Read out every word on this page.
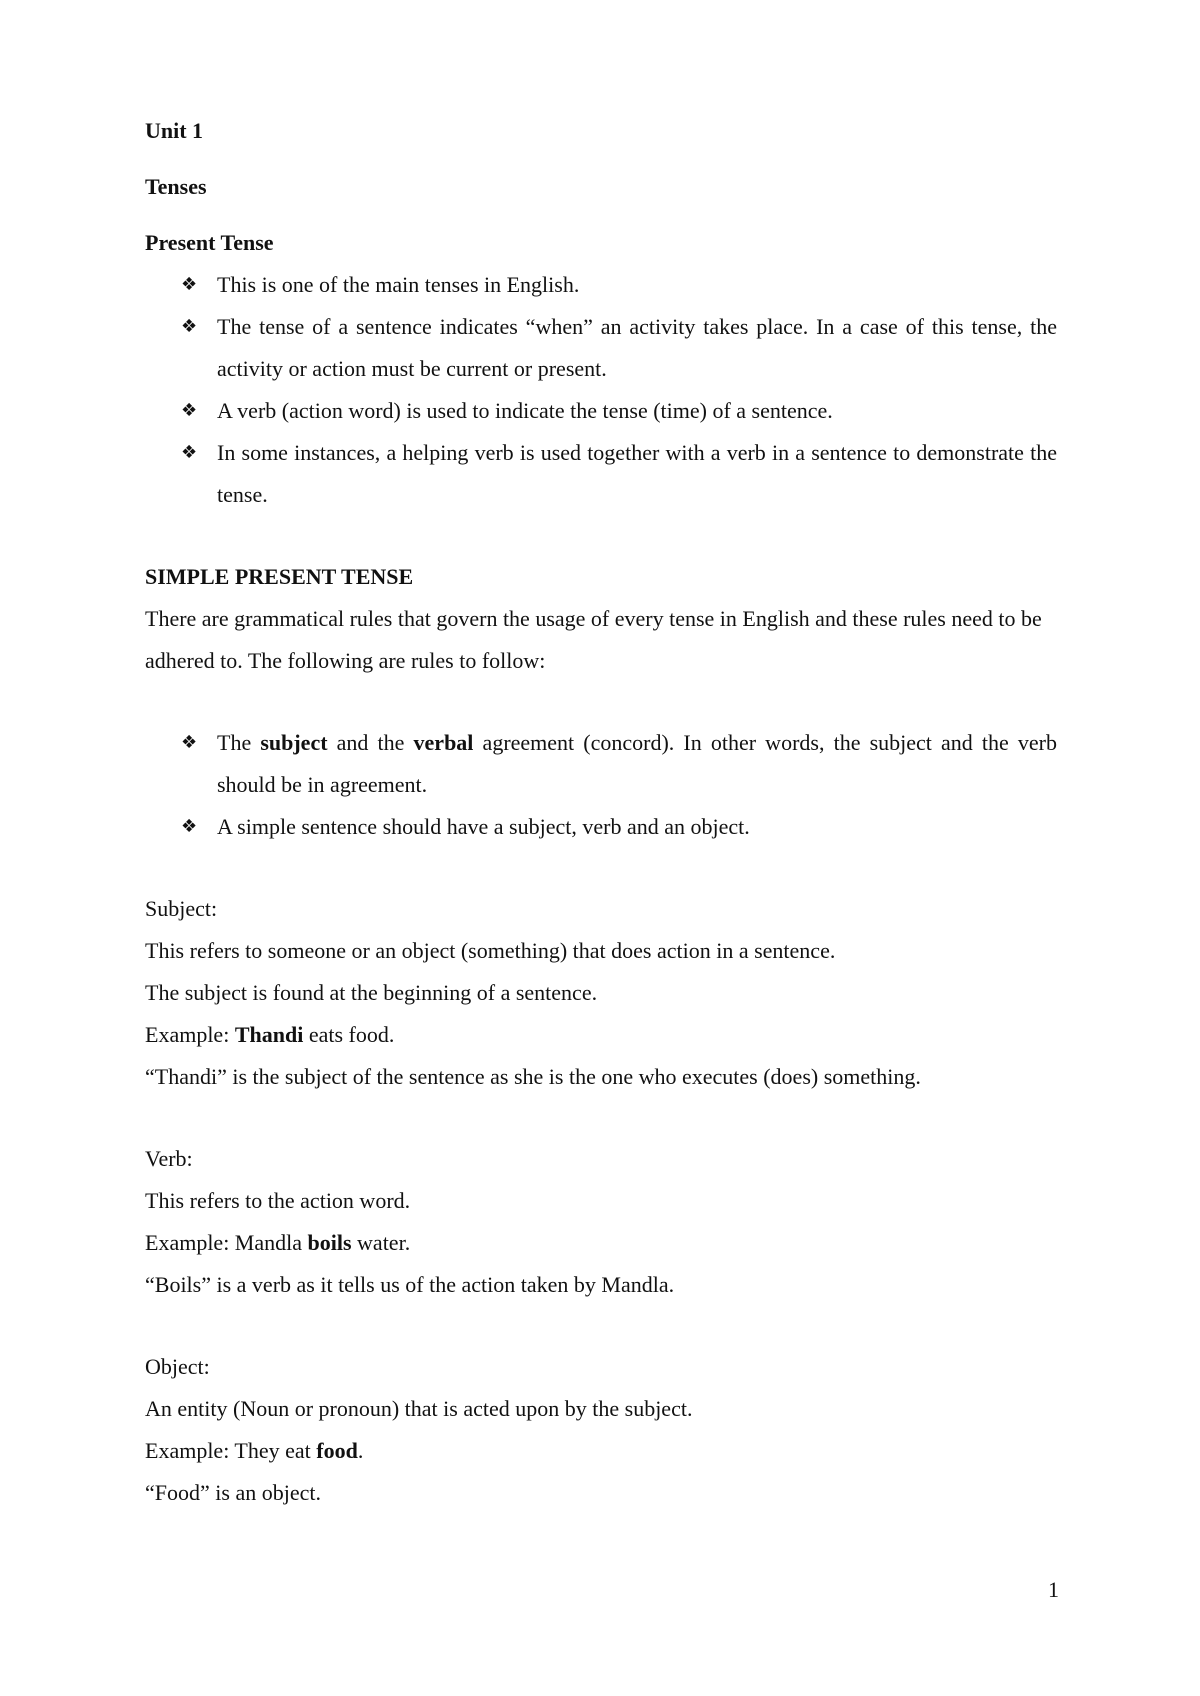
Unit 1

Tenses

Present Tense

❖ This is one of the main tenses in English.
❖ The tense of a sentence indicates “when” an activity takes place. In a case of this tense, the activity or action must be current or present.
❖ A verb (action word) is used to indicate the tense (time) of a sentence.
❖ In some instances, a helping verb is used together with a verb in a sentence to demonstrate the tense.

SIMPLE PRESENT TENSE

There are grammatical rules that govern the usage of every tense in English and these rules need to be adhered to. The following are rules to follow:

❖ The subject and the verbal agreement (concord). In other words, the subject and the verb should be in agreement.
❖ A simple sentence should have a subject, verb and an object.

Subject:

This refers to someone or an object (something) that does action in a sentence.

The subject is found at the beginning of a sentence.

Example: Thandi eats food.

“Thandi” is the subject of the sentence as she is the one who executes (does) something.

Verb:

This refers to the action word.

Example: Mandla boils water.

“Boils” is a verb as it tells us of the action taken by Mandla.

Object:

An entity (Noun or pronoun) that is acted upon by the subject.

Example: They eat food.

“Food” is an object.

1
